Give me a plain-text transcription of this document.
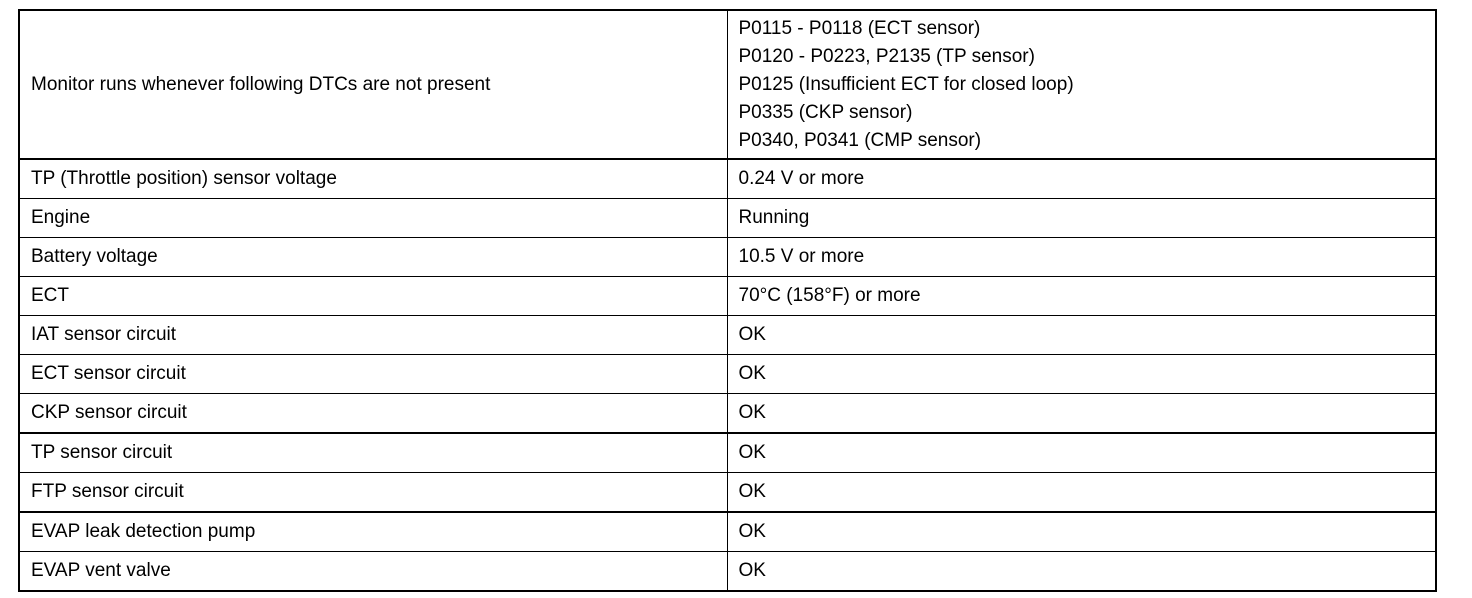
Monitor runs whenever following DTCs are not present	P0115 - P0118 (ECT sensor)
P0120 - P0223, P2135 (TP sensor)
P0125 (Insufficient ECT for closed loop)
P0335 (CKP sensor)
P0340, P0341 (CMP sensor)

TP (Throttle position) sensor voltage	0.24 V or more
Engine	Running
Battery voltage	10.5 V or more
ECT	70°C (158°F) or more
IAT sensor circuit	OK
ECT sensor circuit	OK
CKP sensor circuit	OK
TP sensor circuit	OK
FTP sensor circuit	OK
EVAP leak detection pump	OK
EVAP vent valve	OK
